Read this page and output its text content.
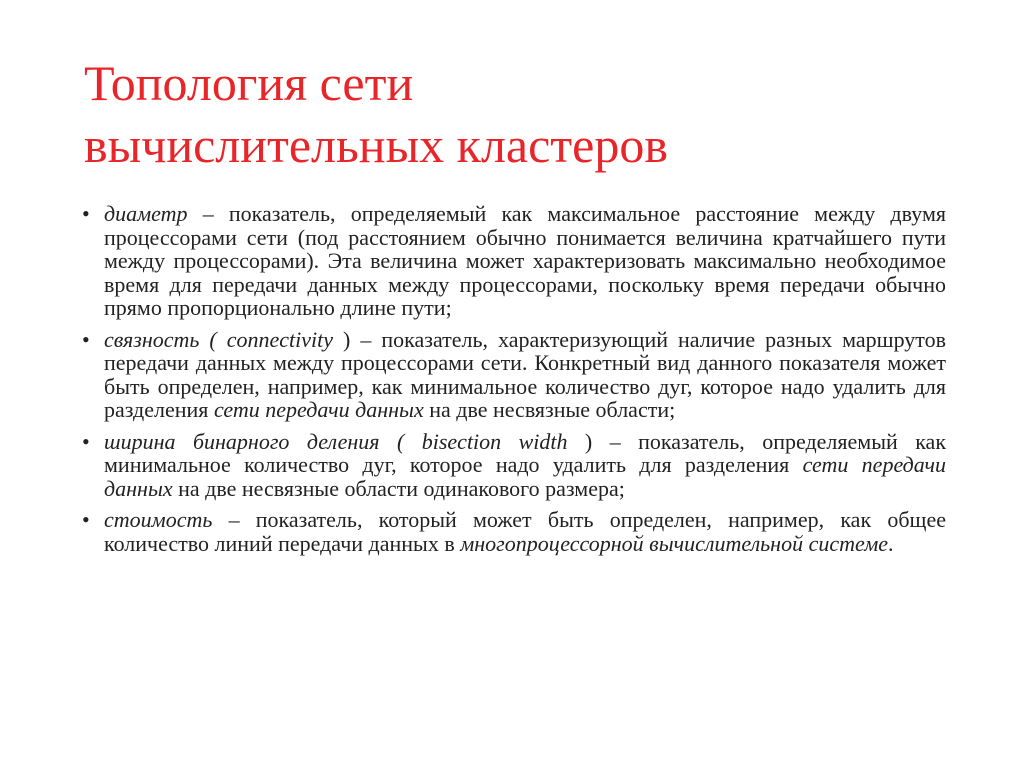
Топология сети
вычислительных кластеров
• диаметр – показатель, определяемый как максимальное расстояние между двумя процессорами сети (под расстоянием обычно понимается величина кратчайшего пути между процессорами). Эта величина может характеризовать максимально необходимое время для передачи данных между процессорами, поскольку время передачи обычно прямо пропорционально длине пути;
• связность ( connectivity ) – показатель, характеризующий наличие разных маршрутов передачи данных между процессорами сети. Конкретный вид данного показателя может быть определен, например, как минимальное количество дуг, которое надо удалить для разделения сети передачи данных на две несвязные области;
• ширина бинарного деления ( bisection width ) – показатель, определяемый как минимальное количество дуг, которое надо удалить для разделения сети передачи данных на две несвязные области одинакового размера;
• стоимость – показатель, который может быть определен, например, как общее количество линий передачи данных в многопроцессорной вычислительной системе.
